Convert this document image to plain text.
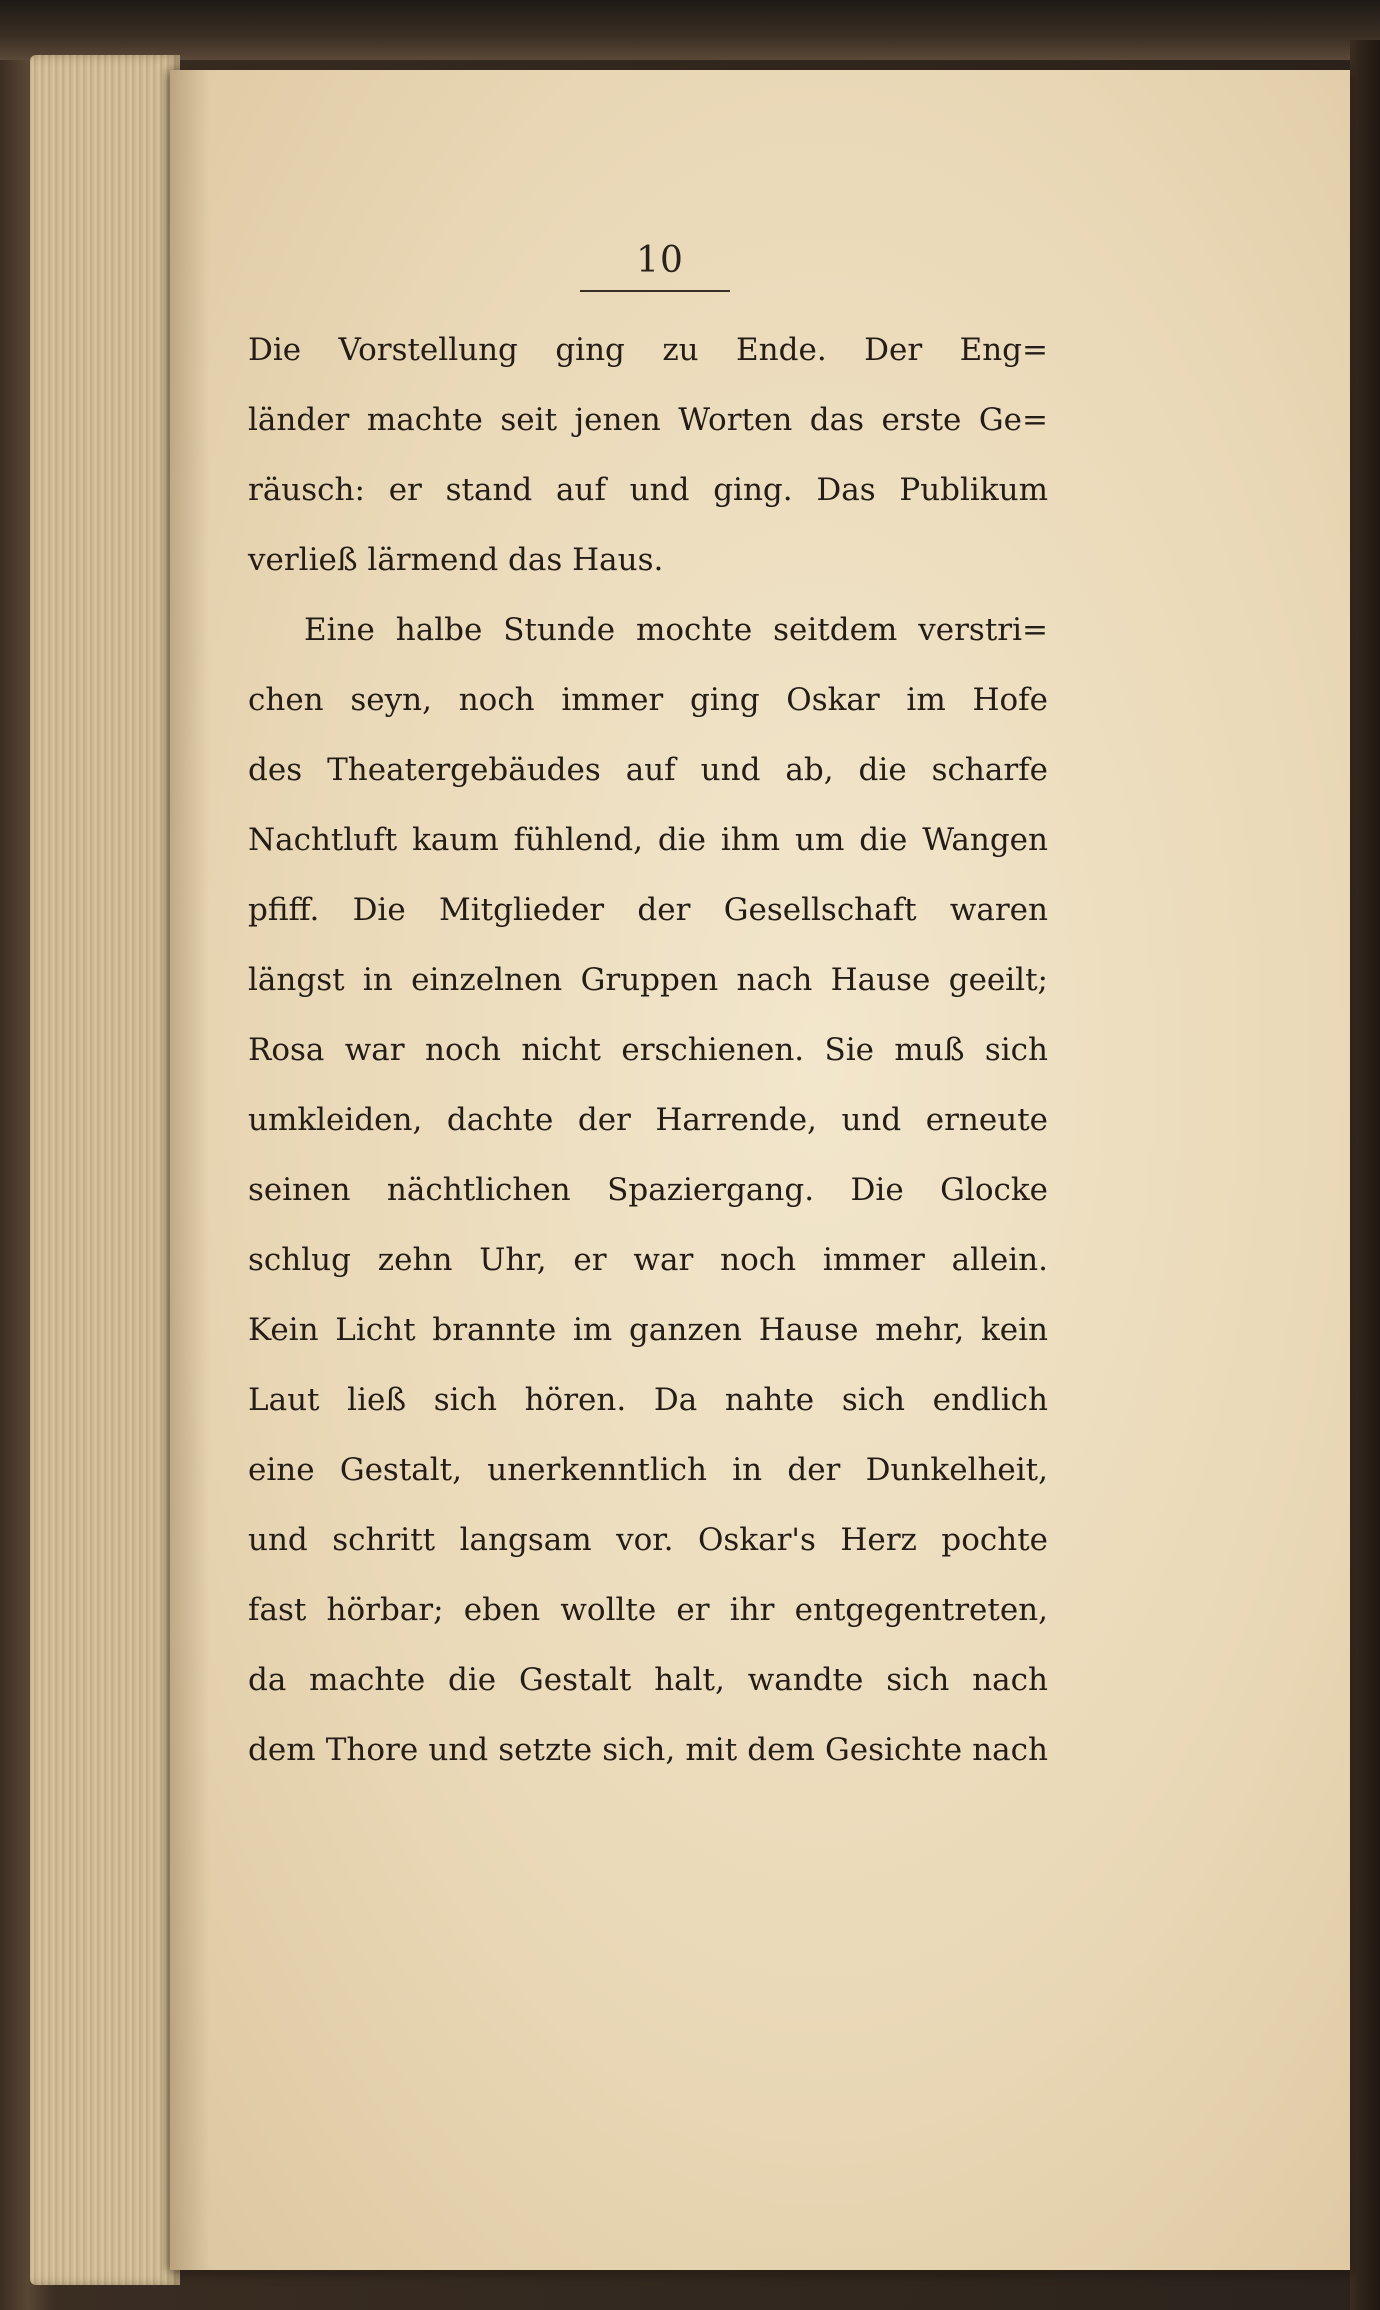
10
Die Vorstellung ging zu Ende. Der Eng=
länder machte seit jenen Worten das erste Ge=
räusch: er stand auf und ging. Das Publikum
verließ lärmend das Haus.
Eine halbe Stunde mochte seitdem verstri=
chen seyn, noch immer ging Oskar im Hofe
des Theatergebäudes auf und ab, die scharfe
Nachtluft kaum fühlend, die ihm um die Wangen
pfiff. Die Mitglieder der Gesellschaft waren
längst in einzelnen Gruppen nach Hause geeilt;
Rosa war noch nicht erschienen. Sie muß sich
umkleiden, dachte der Harrende, und erneute
seinen nächtlichen Spaziergang. Die Glocke
schlug zehn Uhr, er war noch immer allein.
Kein Licht brannte im ganzen Hause mehr, kein
Laut ließ sich hören. Da nahte sich endlich
eine Gestalt, unerkenntlich in der Dunkelheit,
und schritt langsam vor. Oskar's Herz pochte
fast hörbar; eben wollte er ihr entgegentreten,
da machte die Gestalt halt, wandte sich nach
dem Thore und setzte sich, mit dem Gesichte nach
